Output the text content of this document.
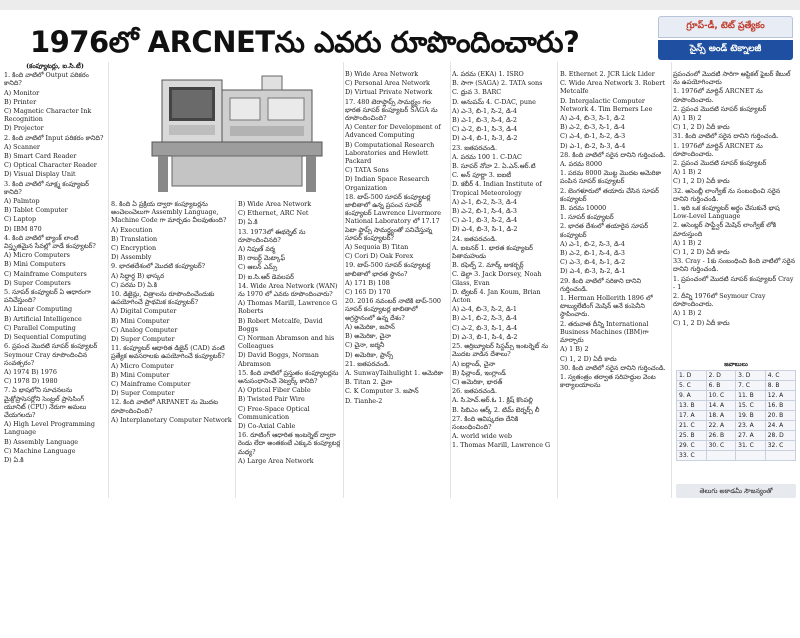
1976లో ARCNETను ఎవరు రూపొందించారు?	గ్రూప్-డీ, టెట్ ప్రత్యేకం
సైన్స్ అండ్ టెక్నాలజీ

(కంప్యూటర్లు, ఐ.సి.టీ)

1. కింది వాటిలో Output పరికరం కానిది?

A) Monitor

B) Printer

C) Magnetic Character Ink Recognition

D) Projector

2. కింది వాటిలో Input పరికరం కానిది?

A) Scanner

B) Smart Card Reader

C) Optical Character Reader

D) Visual Display Unit

3. కింది వాటిలో సూక్ష్మ కంప్యూటర్ కానిది?

A) Palmtop

B) Tablet Computer

C) Laptop

D) IBM 870

4. కింది వాటిలో బ్యాంక్ లాంటి విస్తృతమైన సేవల్లో వాడే కంప్యూటర్?

A) Micro Computers

B) Mini Computers

C) Mainframe Computers

D) Super Computers

5. సూపర్ కంప్యూటర్ ఏ ఆధారంగా పనిచేస్తుంది?

A) Linear Computing

B) Artificial Intelligence

C) Parallel Computing

D) Sequential Computing

6. ప్రపంచ మొదటి సూపర్ కంప్యూటర్ Seymour Cray రూపొందించిన సంవత్సరం?

A) 1974 B) 1976

C) 1978 D) 1980

7. ఏ భాషలోని సూచనలను మైక్రోప్రాసెసర్లోని సెంట్రల్ ప్రాసెసింగ్ యూనిట్ (CPU) నేరుగా అమలు చేయగలదు?

A) High Level Programming Language

B) Assembly Language

C) Machine Language

D) ఏ.కి

8. కింది ఏ ప్రక్రియ ద్వారా కంప్యూటర్లను అంచెలంచెలుగా Assembly Language, Machine Code గా మార్చడం వీలవుతుంది?

A) Execution

B) Translation

C) Encryption

D) Assembly

9. భారతదేశంలో మొదటి కంప్యూటర్?

A) సిద్ధార్థ B) భాస్కర

C) పరమ D) ఏ.కి

10. డిజైన్లు, చిత్రాలను రూపొందించేందుకు ఉపయోగించే ప్రాథమిక కంప్యూటర్?

A) Digital Computer

B) Mini Computer

C) Analog Computer

D) Super Computer

11. కంప్యూటర్ ఆధారిత డిజైన్ (CAD) వంటి ప్రత్యేక అవసరాలకు ఉపయోగించే కంప్యూటర్?

A) Micro Computer

B) Mini Computer

C) Mainframe Computer

D) Super Computer

12. కింది వాటిలో ARPANET ను మొదట రూపొందించింది?

A) Interplanetary Computer Network

B) Wide Area Network

C) Ethernet, ARC Net

D) ఏ.కి

13. 1973లో ఈథర్నెట్ ను రూపొందించినది?

A) నిపుణ్ వర్మ

B) రాబర్ట్ మెట్కాఫ్

C) ఆలన్ ఎమ్స్

D) ఐ.సి.ఆర్ డెవలపర్

14. Wide Area Network (WAN) ను 1970 లో ఎవరు రూపొందించారు?

A) Thomas Marill, Lawrence G Roberts

B) Robert Metcalfe, David Boggs

C) Norman Abramson and his Colleagues

D) David Boggs, Norman Abramson

15. కింది వాటిలో ప్రస్తుతం కంప్యూటర్లను అనుసంధానించే నెట్వర్క్ కానిది?

A) Optical Fiber Cable

B) Twisted Pair Wire

C) Free-Space Optical Communication

D) Co-Axial Cable

16. రూటింగ్ ఆధారిత ఇంటర్నెట్ ద్వారా రెండు లేదా అంతకంటే ఎక్కువ కంప్యూటర్ల మధ్య?

A) Large Area Network

B) Wide Area Network

C) Personal Area Network

D) Virtual Private Network

17. 480 టెరాఫ్లాప్స్ సామర్థ్యం గల భారత సూపర్ కంప్యూటర్ SAGA ను రూపొందించింది?

A) Center for Development of Advanced Computing

B) Computational Research Laboratories and Hewlett Packard

C) TATA Sons

D) Indian Space Research Organization

18. టాప్-500 సూపర్ కంప్యూటర్ల జాబితాలో ఉన్న ప్రపంచ సూపర్ కంప్యూటర్ Lawrence Livermore National Laboratory లో 17.17 పెటా ఫ్లాప్స్ సామర్థ్యంతో పనిచేస్తున్న సూపర్ కంప్యూటర్?

A) Sequoia B) Titan

C) Cori D) Oak Forex

19. టాప్-500 సూపర్ కంప్యూటర్ల జాబితాలో భారత స్థానం?

A) 171 B) 108

C) 165 D) 170

20. 2016 నవంబర్ నాటికి టాప్-500 సూపర్ కంప్యూటర్ల జాబితాలో అగ్రస్థానంలో ఉన్న దేశం?

A) అమెరికా, జపాన్

B) అమెరికా, చైనా

C) చైనా, జర్మనీ

D) అమెరికా, ఫ్రాన్స్

21. జతపరచండి.

A. SunwayTaihulight 1. అమెరికా

B. Titan 2. చైనా

C. K Computer 3. జపాన్

D. Tianhe-2

A. పరమ (EKA) 1. ISRO

B. సాగా (SAGA) 2. TATA sons

C. ధ్రువ 3. BARC

D. అనుపమ్ 4. C-DAC, pune

A) ఎ-3, బి-1, సి-2, డి-4

B) ఎ-1, బి-3, సి-4, డి-2

C) ఎ-2, బి-1, సి-3, డి-4

D) ఎ-4, బి-1, సి-3, డి-2

23. జతపరచండి.

A. పరమ 100 1. C-DAC

B. సూపర్ నోవా 2. ఏ.ఎన్.ఆర్.టి

C. అన్ పూర్ణా 3. ఐఐటీ

D. కబీర్ 4. Indian Institute of Tropical Meteorology

A) ఎ-1, బి-2, సి-3, డి-4

B) ఎ-2, బి-1, సి-4, డి-3

C) ఎ-1, బి-3, సి-2, డి-4

D) ఎ-4, బి-3, సి-1, డి-2

24. జతపరచండి.

A. ఐటనర్ 1. భారత కంప్యూటర్ పితామహుడు

B. రఫెల్ఫ్ 2. మార్క్ జుకర్బర్గ్

C. డెల్టా 3. Jack Dorsey, Noah Glass, Evan

D. ట్విటర్ 4. Jan Koum, Brian Acton

A) ఎ-4, బి-3, సి-2, డి-1

B) ఎ-1, బి-2, సి-3, డి-4

C) ఎ-2, బి-3, సి-1, డి-4

D) ఎ-3, బి-1, సి-4, డి-2

25. అర్రిబ్యూటర్ సిస్టమ్స్ ఇంటర్నెట్ ను మొదట వాడిన దేశాలు?

A) ఐర్లాండ్, చైనా

B) ఫిన్లాండ్, ఇంగ్లాండ్

C) అమెరికా, భారత్

26. జతపరచండి.

A. సి.హెచ్.ఆర్.ఓ 1. క్రిష్ కొంపల్లి

B. సిబిఎం ఆర్క్ 2. టిమ్ బెర్నర్స్ లీ

27. కింది ఆవిష్కరణ దేనికి సంబంధించింది?

A. world wide web

1. Thomas Marill, Lawrence G

B. Ethernet 2. JCR Lick Lider

C. Wide Area Network 3. Robert Metcalfe

D. Intergalactic Computer Network 4. Tim Berners Lee

A) ఎ-4, బి-3, సి-1, డి-2

B) ఎ-2, బి-3, సి-1, డి-4

C) ఎ-4, బి-1, సి-2, డి-3

D) ఎ-1, బి-2, సి-3, డి-4

28. కింది వాటిలో సరైన దానిని గుర్తించండి.

A. పరమ 8000

1. పరమ 8000 మొట్ట మొదట అమెరికా పంపిన సూపర్ కంప్యూటర్

2. బెంగళూరులో తయారు చేసిన సూపర్ కంప్యూటర్

B. పరమ 10000

1. సూపర్ కంప్యూటర్

2. భారత దేశంలో తయారైన సూపర్ కంప్యూటర్

A) ఎ-1, బి-2, సి-3, డి-4

B) ఎ-2, బి-1, సి-4, డి-3

C) ఎ-3, బి-4, సి-1, డి-2

D) ఎ-4, బి-3, సి-2, డి-1

29. కింది వాటిలో సరికాని దానిని గుర్తించండి.

1. Herman Hollerith 1896 లో టాబ్యులేటింగ్ మెషిన్ అనే కంపెనీని స్థాపించారు.

2. తరువాత దీన్ని International Business Machines (IBM)గా మార్చారు

A) 1 B) 2

C) 1, 2 D) ఏదీ కాదు

30. కింది వాటిలో సరైన దానిని గుర్తించండి.

1. స్వతంత్రం తర్వాత సరిహద్దుల వెంట కార్యాలయాలను

ప్రపంచంలో మొదటి సారిగా ఆప్టికల్ ఫైబర్ కేబుల్ ను ఉపయోగించారు

1. 1976లో మార్టిన్ ARCNET ను రూపొందించారు.

2. ప్రపంచ మొదటి సూపర్ కంప్యూటర్

A) 1 B) 2

C) 1, 2 D) ఏదీ కాదు

31. కింది వాటిలో సరైన దానిని గుర్తించండి.

1. 1976లో మార్టిన్ ARCNET ను రూపొందించారు.

2. ప్రపంచ మొదటి సూపర్ కంప్యూటర్

A) 1 B) 2

C) 1, 2 D) ఏదీ కాదు

32. అసెంబ్లీ లాంగ్వేజ్ ను సంబంధించి సరైన దానిని గుర్తించండి.

1. ఇది ఒక కంప్యూటర్ అర్థం చేసుకునే భాష Low-Level Language

2. అసెంబ్లర్ సాఫ్ట్వేర్ మెషిన్ లాంగ్వేజ్ లోకి మారుస్తుంది

A) 1 B) 2

C) 1, 2 D) ఏదీ కాదు

33. Cray - 1కు సంబంధించి కింది వాటిలో సరైన దానిని గుర్తించండి.

1. ప్రపంచంలో మొదటి సూపర్ కంప్యూటర్ Cray - 1

2. దీన్ని 1976లో Seymour Cray రూపొందించారు.

A) 1 B) 2

C) 1, 2 D) ఏదీ కాదు

జవాబులు
1. D	2. D	3. D	4. C
5. C	6. B	7. C	8. B
9. A	10. C	11. B	12. A
13. B	14. A	15. C	16. B
17. A	18. A	19. B	20. B
21. C	22. A	23. A	24. A
25. B	26. B	27. A	28. D
29. C	30. C	31. C	32. C
33. C			
తెలుగు అకాడమీ సౌజన్యంతో
